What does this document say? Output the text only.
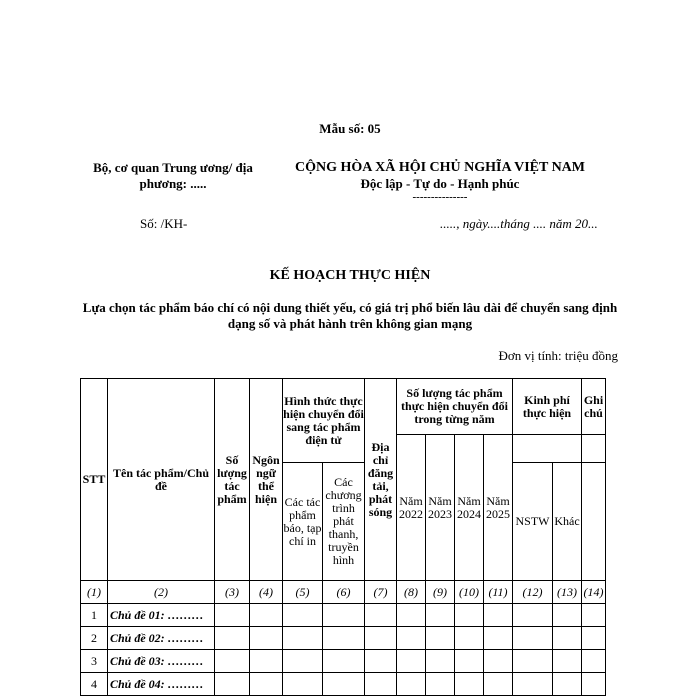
Mẫu số: 05
Bộ, cơ quan Trung ương/ địa
phương: .....
CỘNG HÒA XÃ HỘI CHỦ NGHĨA VIỆT NAM
Độc lập - Tự do - Hạnh phúc
---------------
Số: /KH-	....., ngày....tháng .... năm 20...
KẾ HOẠCH THỰC HIỆN
Lựa chọn tác phẩm báo chí có nội dung thiết yếu, có giá trị phổ biến lâu dài để chuyển sang định dạng số và phát hành trên không gian mạng
Đơn vị tính: triệu đồng
STT	Tên tác phẩm/Chủ đề	Số lượng tác phẩm	Ngôn ngữ thể hiện	Hình thức thực hiện chuyển đổi sang tác phẩm điện tử		Địa chỉ đăng tải, phát sóng	Số lượng tác phẩm thực hiện chuyển đổi trong từng năm				Kinh phí thực hiện		Ghi chú
							Năm 2022	Năm 2023	Năm 2024	Năm 2025			
				Các tác phẩm báo, tạp chí in	Các chương trình phát thanh, truyền hình						NSTW	Khác	
(1)	(2)	(3)	(4)	(5)	(6)	(7)	(8)	(9)	(10)	(11)	(12)	(13)	(14)
1	Chủ đề 01: ………												
2	Chủ đề 02: ………												
3	Chủ đề 03: ………												
4	Chủ đề 04: ………												
